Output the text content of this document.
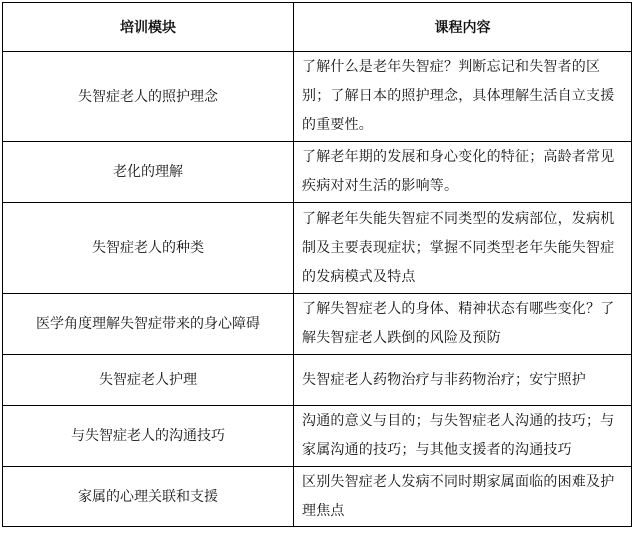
培训模块	课程内容
失智症老人的照护理念	了解什么是老年失智症？判断忘记和失智者的区别；了解日本的照护理念，具体理解生活自立支援的重要性。
老化的理解	了解老年期的发展和身心变化的特征；高龄者常见疾病对对生活的影响等。
失智症老人的种类	了解老年失能失智症不同类型的发病部位，发病机制及主要表现症状；掌握不同类型老年失能失智症的发病模式及特点
医学角度理解失智症带来的身心障碍	了解失智症老人的身体、精神状态有哪些变化？了解失智症老人跌倒的风险及预防
失智症老人护理	失智症老人药物治疗与非药物治疗；安宁照护
与失智症老人的沟通技巧	沟通的意义与目的；与失智症老人沟通的技巧；与家属沟通的技巧；与其他支援者的沟通技巧
家属的心理关联和支援	区别失智症老人发病不同时期家属面临的困难及护理焦点
